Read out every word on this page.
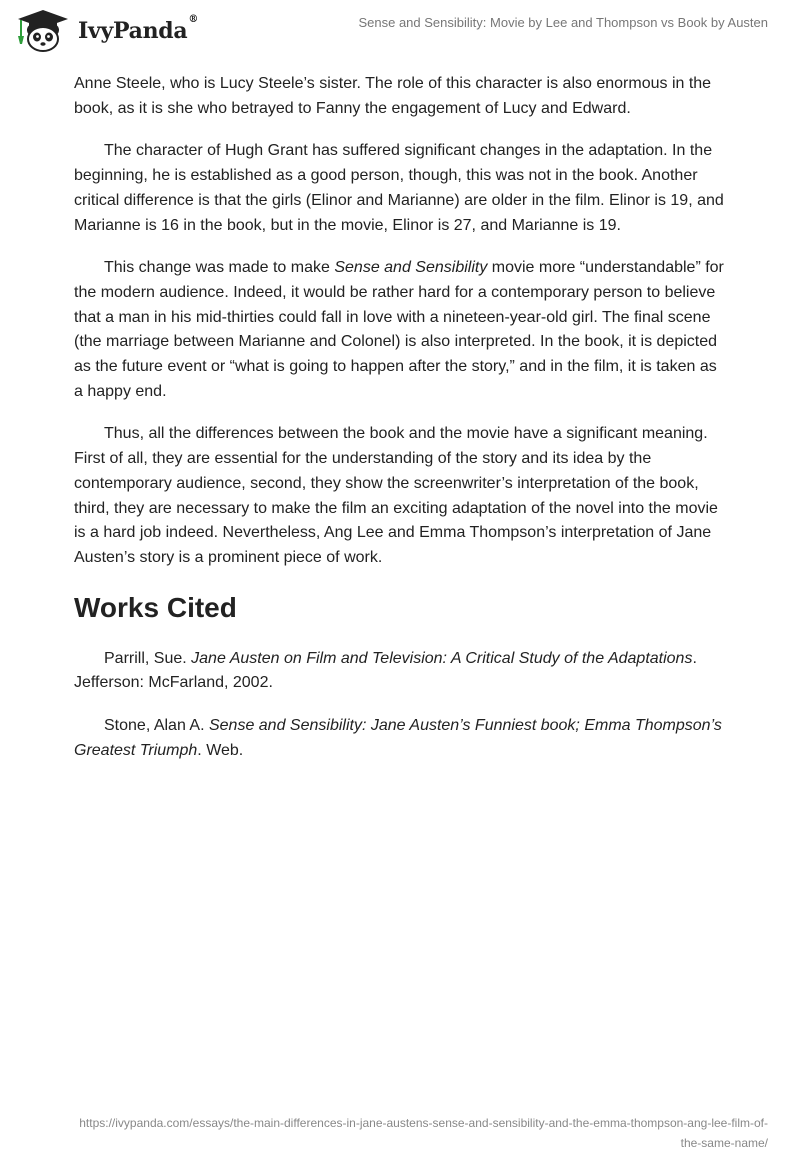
IvyPanda®	Sense and Sensibility: Movie by Lee and Thompson vs Book by Austen

Anne Steele, who is Lucy Steele’s sister. The role of this character is also enormous in the book, as it is she who betrayed to Fanny the engagement of Lucy and Edward.

The character of Hugh Grant has suffered significant changes in the adaptation. In the beginning, he is established as a good person, though, this was not in the book. Another critical difference is that the girls (Elinor and Marianne) are older in the film. Elinor is 19, and Marianne is 16 in the book, but in the movie, Elinor is 27, and Marianne is 19.

This change was made to make Sense and Sensibility movie more “understandable” for the modern audience. Indeed, it would be rather hard for a contemporary person to believe that a man in his mid-thirties could fall in love with a nineteen-year-old girl. The final scene (the marriage between Marianne and Colonel) is also interpreted. In the book, it is depicted as the future event or “what is going to happen after the story,” and in the film, it is taken as a happy end.

Thus, all the differences between the book and the movie have a significant meaning. First of all, they are essential for the understanding of the story and its idea by the contemporary audience, second, they show the screenwriter’s interpretation of the book, third, they are necessary to make the film an exciting adaptation of the novel into the movie is a hard job indeed. Nevertheless, Ang Lee and Emma Thompson’s interpretation of Jane Austen’s story is a prominent piece of work.

Works Cited

Parrill, Sue. Jane Austen on Film and Television: A Critical Study of the Adaptations. Jefferson: McFarland, 2002.

Stone, Alan A. Sense and Sensibility: Jane Austen’s Funniest book; Emma Thompson’s Greatest Triumph. Web.

https://ivypanda.com/essays/the-main-differences-in-jane-austens-sense-and-sensibility-and-the-emma-thompson-ang-lee-film-of-
the-same-name/
